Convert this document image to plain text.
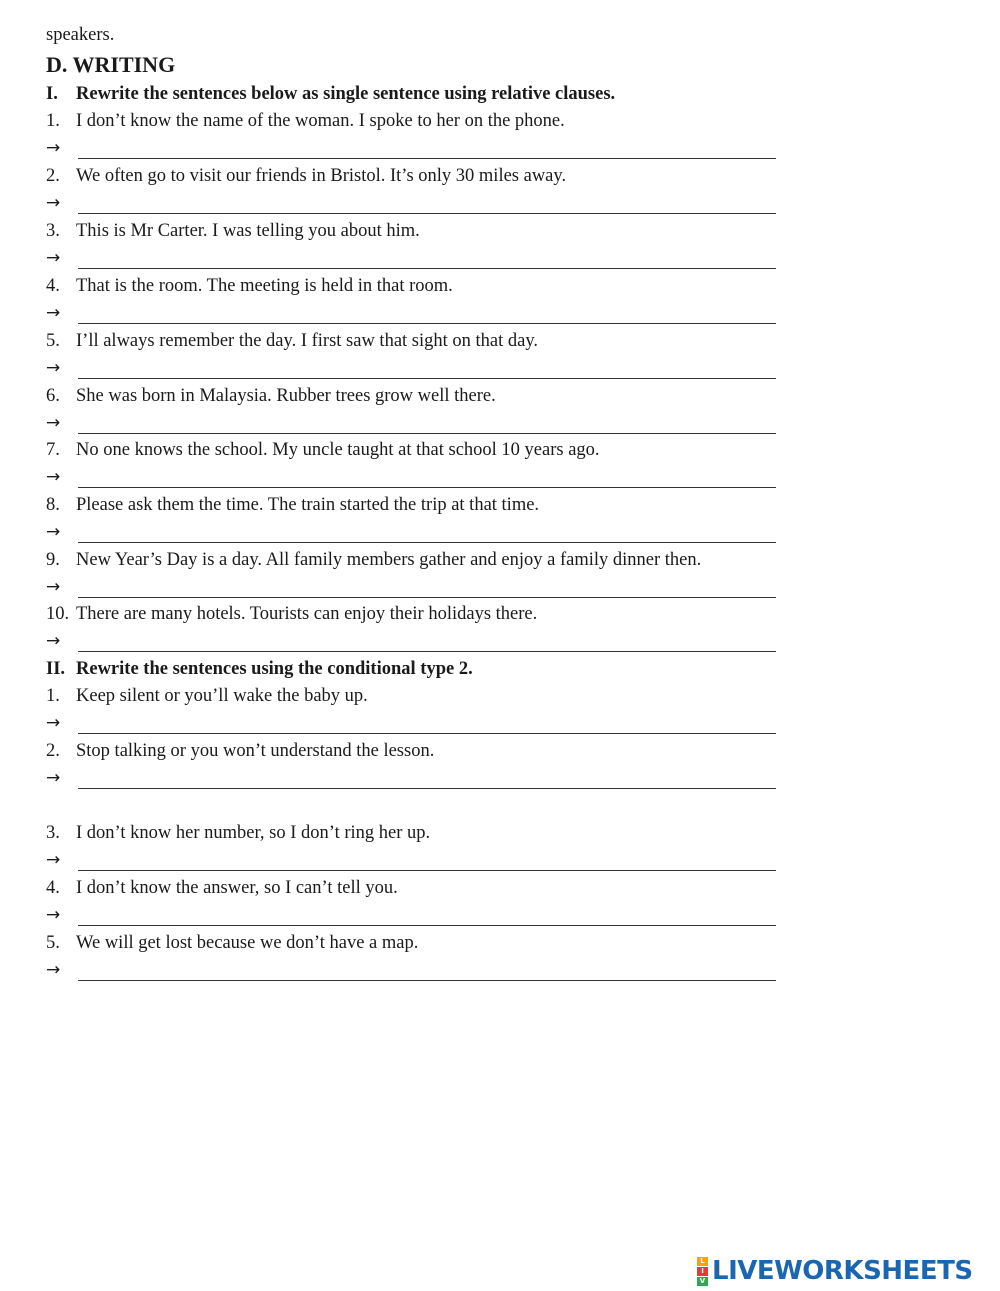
speakers.
D. WRITING
I. Rewrite the sentences below as single sentence using relative clauses.
1. I don’t know the name of the woman. I spoke to her on the phone.
→
2. We often go to visit our friends in Bristol. It’s only 30 miles away.
→
3. This is Mr Carter. I was telling you about him.
→
4. That is the room. The meeting is held in that room.
→
5. I’ll always remember the day. I first saw that sight on that day.
→
6. She was born in Malaysia. Rubber trees grow well there.
→
7. No one knows the school. My uncle taught at that school 10 years ago.
→
8. Please ask them the time. The train started the trip at that time.
→
9. New Year’s Day is a day. All family members gather and enjoy a family dinner then.
→
10. There are many hotels. Tourists can enjoy their holidays there.
→
II. Rewrite the sentences using the conditional type 2.
1. Keep silent or you’ll wake the baby up.
→
2. Stop talking or you won’t understand the lesson.
→
3. I don’t know her number, so I don’t ring her up.
→
4. I don’t know the answer, so I can’t tell you.
→
5. We will get lost because we don’t have a map.
→
L
I
V LIVEWORKSHEETS
